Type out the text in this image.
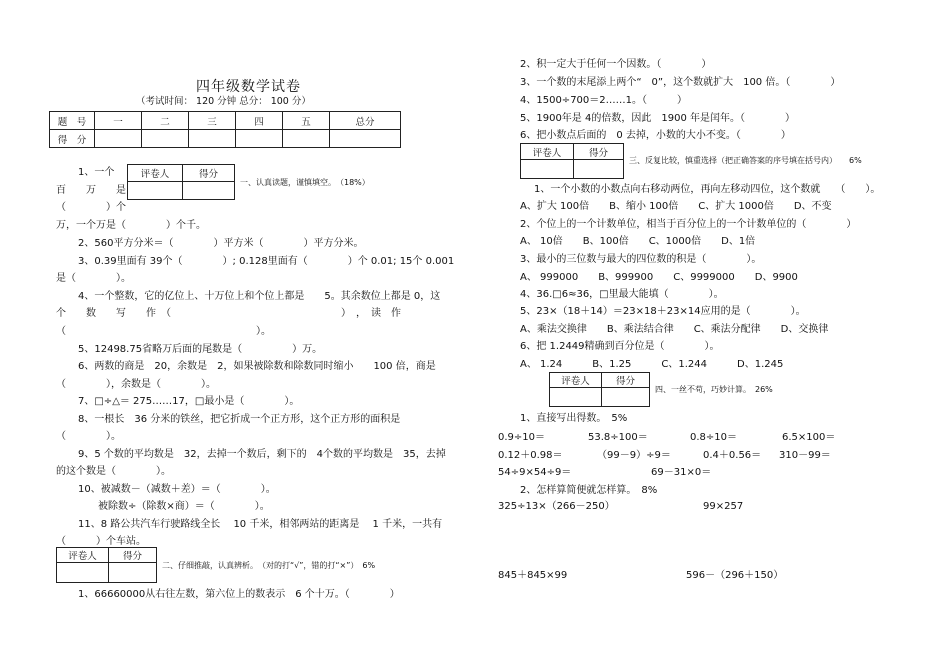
四年级数学试卷
（考试时间： 120 分钟 总分： 100 分）
题　号	一	二	三	四	五	总分
得　分						
评卷人	得分

一、认真读题，谨慎填空。　（18%）
1、一个
百　　万　　是
（　　　　）个
万，一个万是（　　　　）个千。
2、560平方分米＝（　　　　）平方米（　　　　）平方分米。
3、0.39里面有 39个（　　　　）; 0.128里面有（　　　　）个 0.01; 15个 0.001
是（　　　　）。
4、一个整数，它的亿位上、十万位上和个位上都是　　5。其余数位上都是 0，这
个　　数　　写　　作　（　　　　　　　　　　　　　　　　　）　，　读　作
（　　　　　　　　　　　　　　　　　　　）。
5、12498.75省略万后面的尾数是（　　　　　）万。
6、两数的商是　20，余数是　2，如果被除数和除数同时缩小　　100 倍，商是
（　　　　），余数是（　　　　）。
7、□÷△＝ 275……17，□最小是（　　　　）。
8、一根长　36 分米的铁丝，把它折成一个正方形，这个正方形的面积是
（　　　　）。
9、5 个数的平均数是　32，去掉一个数后，剩下的　4个数的平均数是　35，去掉
的这个数是（　　　　）。
10、被减数－（减数＋差）＝（　　　　）。
被除数÷（除数×商）＝（　　　　）。
11、8 路公共汽车行驶路线全长　 10 千米，相邻两站的距离是　 1 千米，一共有
（　　　）个车站。
评卷人	得分

二、仔细推敲，认真辨析。　（对的打“√”，错的打“×”）　6%
1、66660000从右往左数，第六位上的数表示　6 个十万。（　　　　）
2、积一定大于任何一个因数。（　　　　）
3、一个数的末尾添上两个“　0”，这个数就扩大　100 倍。（　　　　）
4、1500÷700＝2……1。（　　　）
5、1900年是 4的倍数，因此　1900 年是闰年。（　　　　）
6、把小数点后面的　0 去掉，小数的大小不变。（　　　　）
评卷人	得分

三、反复比较，慎重选择（把正确答案的序号填在括号内）　　6%
1、一个小数的小数点向右移动两位，再向左移动四位，这个数就　　（　　）。
A、扩大 100倍　　B、缩小 100倍　　C、扩大 1000倍　　D、不变
2、个位上的一个计数单位，相当于百分位上的一个计数单位的（　　　　）
A、 10倍　　B、100倍　　C、1000倍　　D、1倍
3、最小的三位数与最大的四位数的积是（　　　　）。
A、 999000　　B、999900　　C、9999000　　D、9900
4、36.□6≈36，□里最大能填（　　　　）。
5、23×（18＋14）＝23×18＋23×14应用的是（　　　　）。
A、乘法交换律　　B、乘法结合律　　C、乘法分配律　　D、交换律
6、把 1.2449精确到百分位是（　　　　）。
A、 1.24　　　B、1.25　　　C、1.244　　　D、1.245
评卷人	得分

四、一丝不苟，巧妙计算。　26%
1、直接写出得数。　5%
0.9÷10＝	53.8÷100＝	0.8÷10＝	6.5×100＝
0.12＋0.98＝	（99－9）÷9＝	0.4＋0.56＝ 310－99＝
54÷9×54÷9＝	69－31×0＝
2、怎样算简便就怎样算。　8%
325÷13×（266－250）	99×257
845＋845×99	596－（296＋150）
